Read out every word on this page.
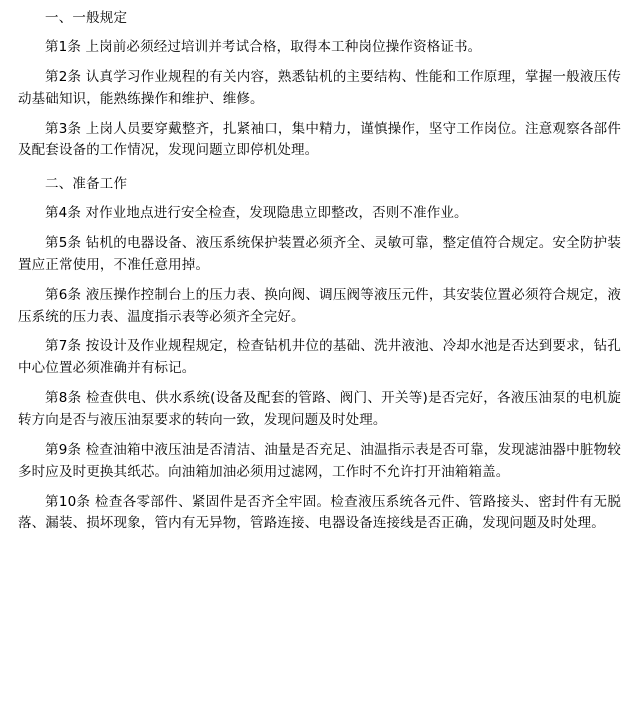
一、一般规定

第1条 上岗前必须经过培训并考试合格，取得本工种岗位操作资格证书。

第2条 认真学习作业规程的有关内容，熟悉钻机的主要结构、性能和工作原理，掌握一般液压传动基础知识，能熟练操作和维护、维修。

第3条 上岗人员要穿戴整齐，扎紧袖口，集中精力，谨慎操作，坚守工作岗位。注意观察各部件及配套设备的工作情况，发现问题立即停机处理。

二、准备工作

第4条 对作业地点进行安全检查，发现隐患立即整改，否则不准作业。

第5条 钻机的电器设备、液压系统保护装置必须齐全、灵敏可靠，整定值符合规定。安全防护装置应正常使用，不准任意用掉。

第6条 液压操作控制台上的压力表、换向阀、调压阀等液压元件，其安装位置必须符合规定，液压系统的压力表、温度指示表等必须齐全完好。

第7条 按设计及作业规程规定，检查钻机井位的基础、洗井液池、冷却水池是否达到要求，钻孔中心位置必须准确并有标记。

第8条 检查供电、供水系统(设备及配套的管路、阀门、开关等)是否完好，各液压油泵的电机旋转方向是否与液压油泵要求的转向一致，发现问题及时处理。

第9条 检查油箱中液压油是否清洁、油量是否充足、油温指示表是否可靠，发现滤油器中脏物较多时应及时更换其纸芯。向油箱加油必须用过滤网，工作时不允许打开油箱箱盖。

第10条 检查各零部件、紧固件是否齐全牢固。检查液压系统各元件、管路接头、密封件有无脱落、漏装、损坏现象，管内有无异物，管路连接、电器设备连接线是否正确，发现问题及时处理。
